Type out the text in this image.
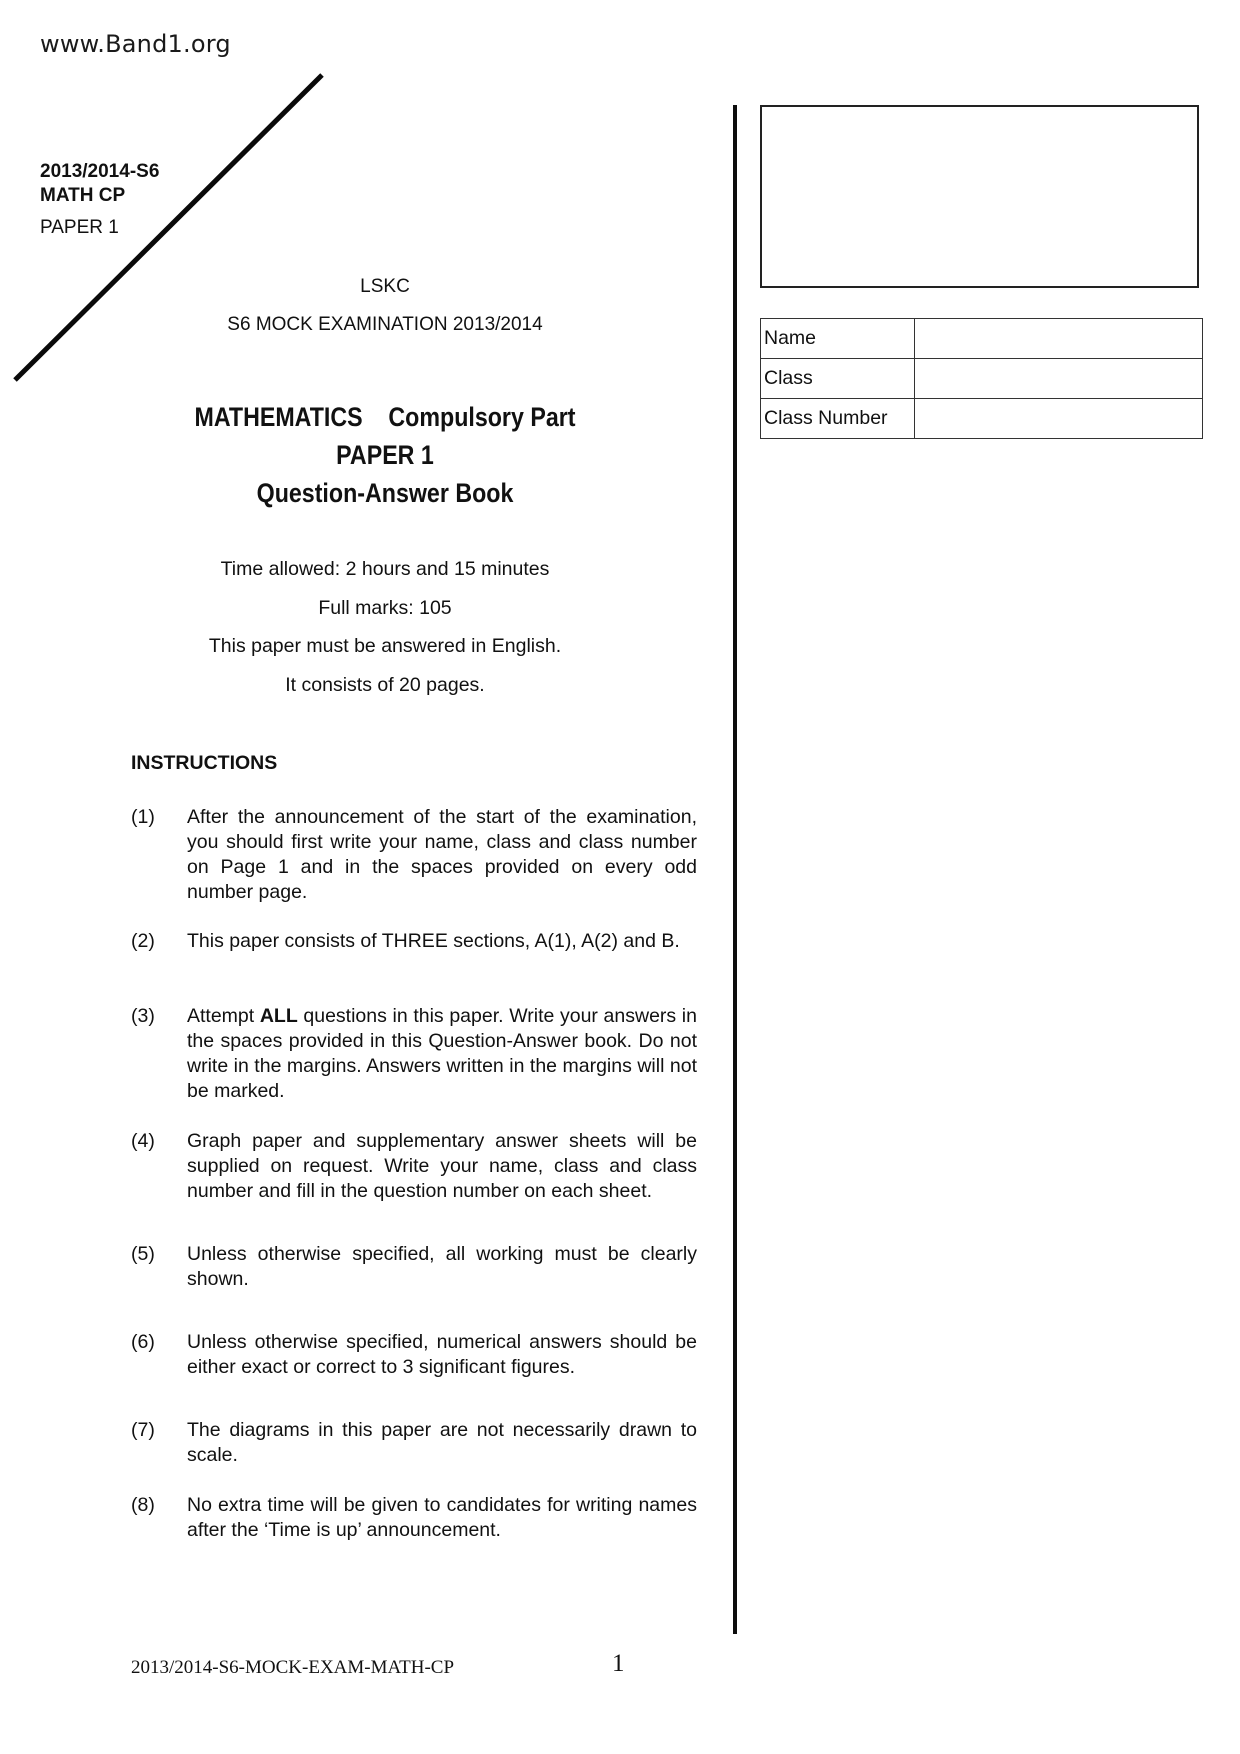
www.Band1.org
2013/2014-S6
MATH CP
PAPER 1
LSKC
S6 MOCK EXAMINATION 2013/2014
MATHEMATICS Compulsory Part
PAPER 1
Question-Answer Book
Time allowed: 2 hours and 15 minutes
Full marks: 105
This paper must be answered in English.
It consists of 20 pages.
INSTRUCTIONS
(1) After the announcement of the start of the examination, you should first write your name, class and class number on Page 1 and in the spaces provided on every odd number page.
(2) This paper consists of THREE sections, A(1), A(2) and B.
(3) Attempt ALL questions in this paper. Write your answers in the spaces provided in this Question-Answer book. Do not write in the margins. Answers written in the margins will not be marked.
(4) Graph paper and supplementary answer sheets will be supplied on request. Write your name, class and class number and fill in the question number on each sheet.
(5) Unless otherwise specified, all working must be clearly shown.
(6) Unless otherwise specified, numerical answers should be either exact or correct to 3 significant figures.
(7) The diagrams in this paper are not necessarily drawn to scale.
(8) No extra time will be given to candidates for writing names after the ‘Time is up’ announcement.
Name	
Class	
Class Number	
2013/2014-S6-MOCK-EXAM-MATH-CP	1
